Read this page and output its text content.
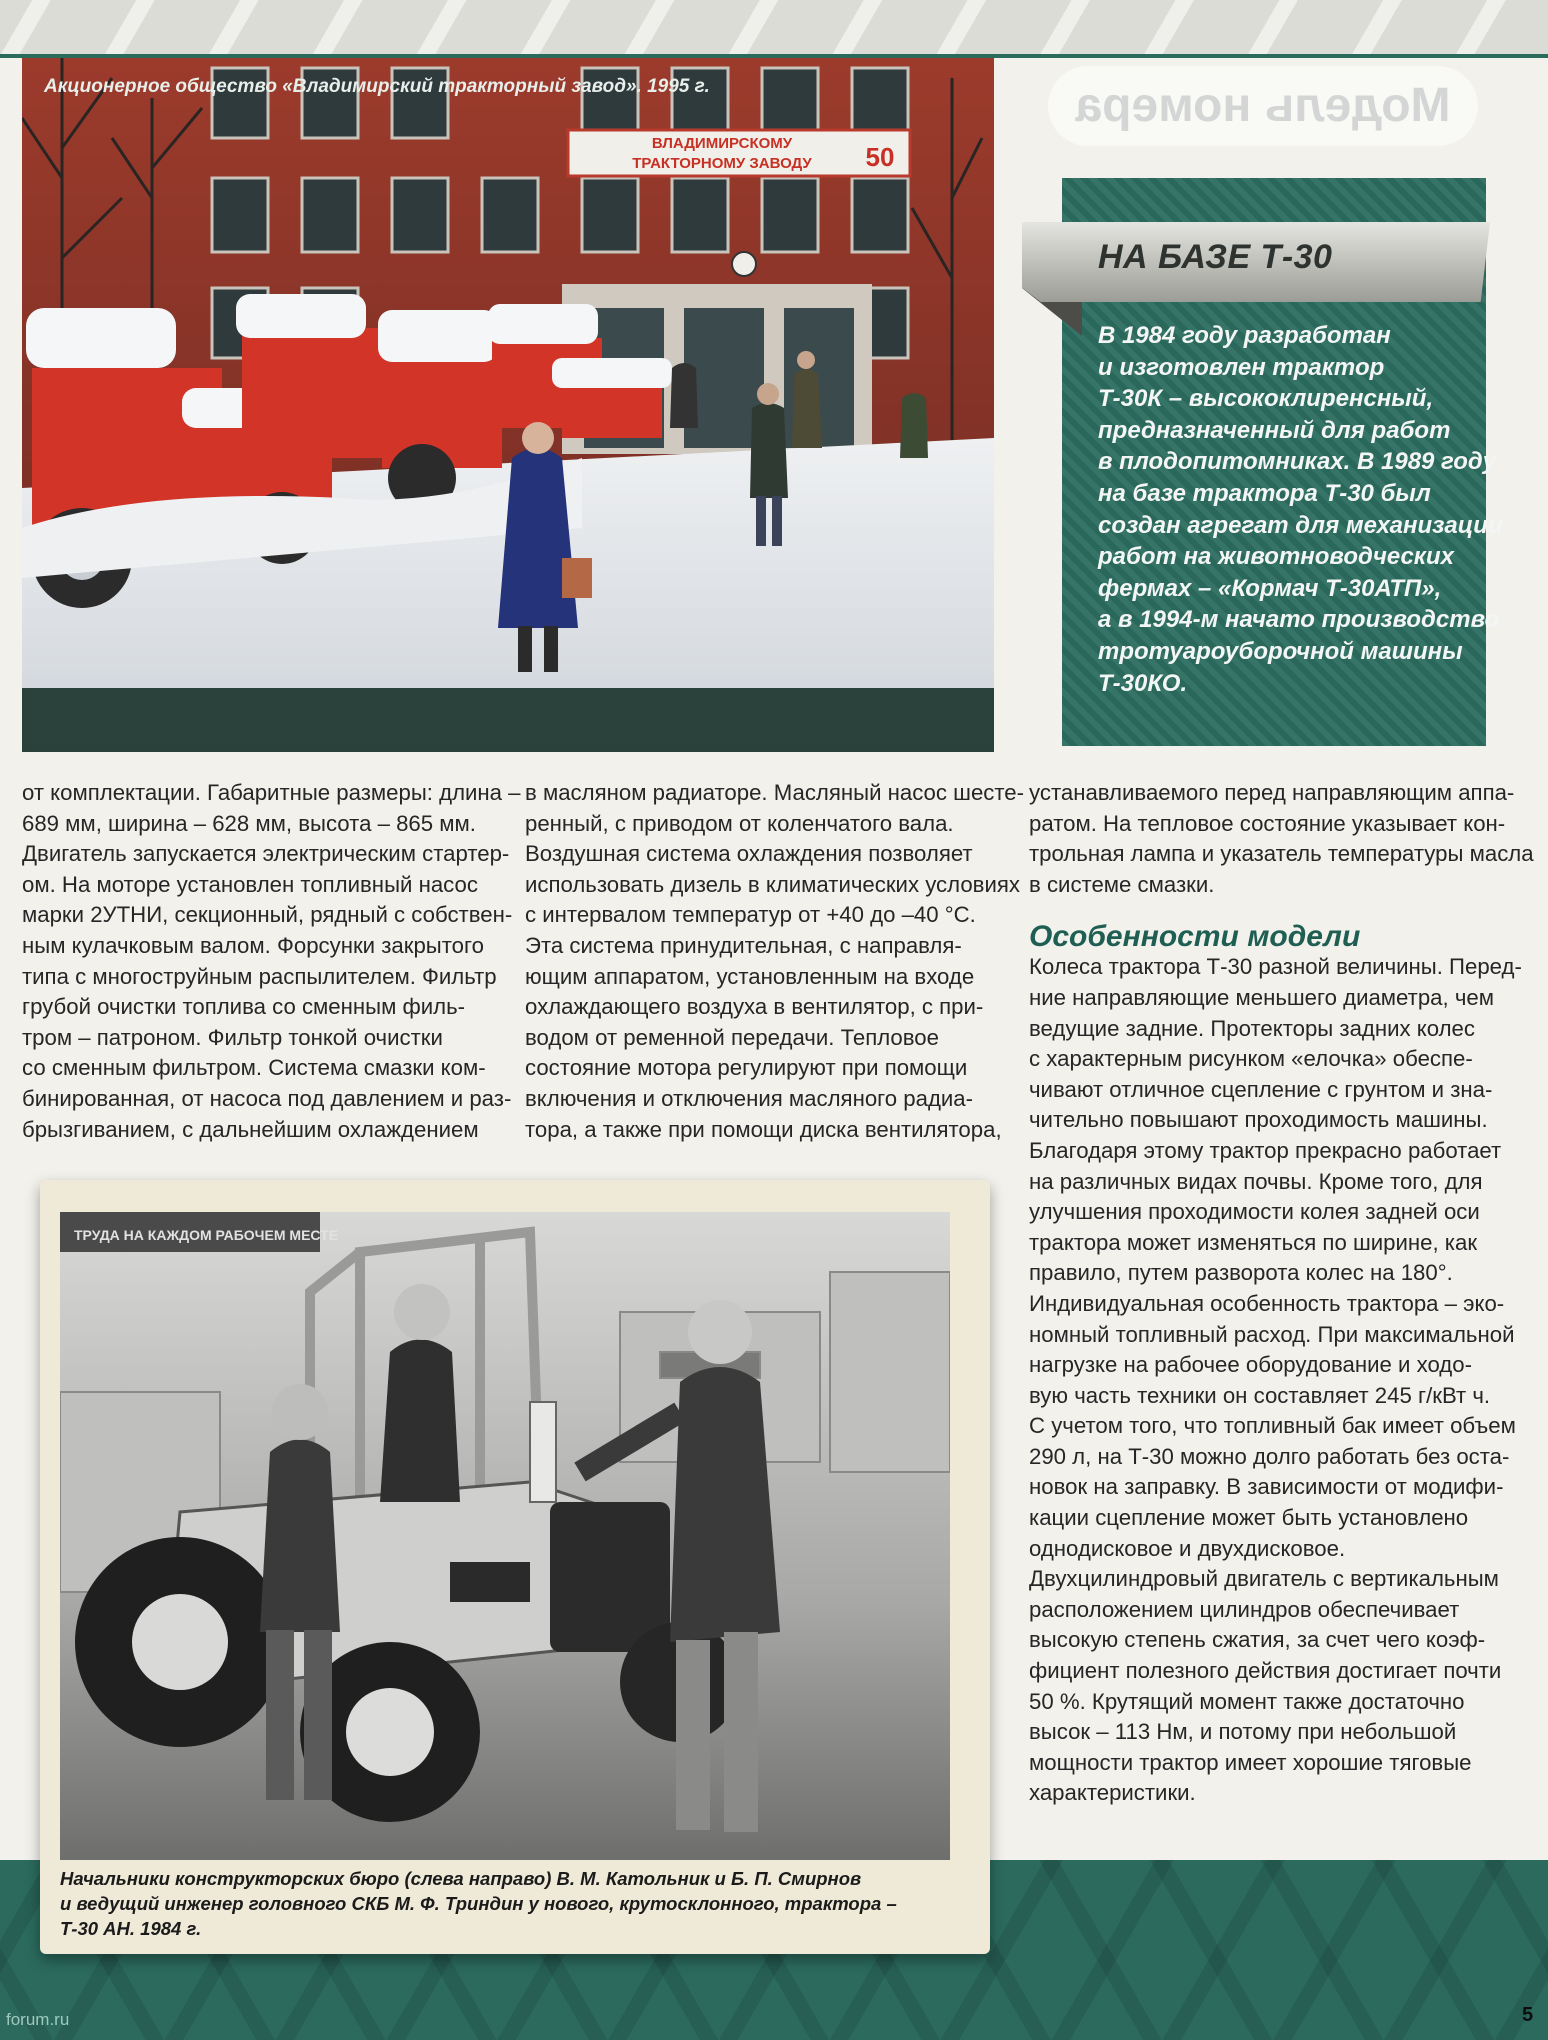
Модель номера
ВЛАДИМИРСКОМУ
ТРАКТОРНОМУ ЗАВОДУ 50
Акционерное общество «Владимирский тракторный завод». 1995 г.
НА БАЗЕ Т-30
В 1984 году разработан
и изготовлен трактор
Т-30К – высококлиренсный,
предназначенный для работ
в плодопитомниках. В 1989 году
на базе трактора Т-30 был
создан агрегат для механизации
работ на животноводческих
фермах – «Кормач Т-30АТП»,
а в 1994-м начато производство
тротуароуборочной машины
Т-30КО.
от комплектации. Габаритные размеры: длина –
689 мм, ширина – 628 мм, высота – 865 мм.
Двигатель запускается электрическим стартер-
ом. На моторе установлен топливный насос
марки 2УТНИ, секционный, рядный с собствен-
ным кулачковым валом. Форсунки закрытого
типа с многоструйным распылителем. Фильтр
грубой очистки топлива со сменным филь-
тром – патроном. Фильтр тонкой очистки
со сменным фильтром. Система смазки ком-
бинированная, от насоса под давлением и раз-
брызгиванием, с дальнейшим охлаждением
в масляном радиаторе. Масляный насос шесте-
ренный, с приводом от коленчатого вала.
Воздушная система охлаждения позволяет
использовать дизель в климатических условиях
с интервалом температур от +40 до –40 °С.
Эта система принудительная, с направля-
ющим аппаратом, установленным на входе
охлаждающего воздуха в вентилятор, с при-
водом от ременной передачи. Тепловое
состояние мотора регулируют при помощи
включения и отключения масляного радиа-
тора, а также при помощи диска вентилятора,
устанавливаемого перед направляющим аппа-
ратом. На тепловое состояние указывает кон-
трольная лампа и указатель температуры масла
в системе смазки.
Особенности модели
Колеса трактора Т-30 разной величины. Перед-
ние направляющие меньшего диаметра, чем
ведущие задние. Протекторы задних колес
с характерным рисунком «елочка» обеспе-
чивают отличное сцепление с грунтом и зна-
чительно повышают проходимость машины.
Благодаря этому трактор прекрасно работает
на различных видах почвы. Кроме того, для
улучшения проходимости колея задней оси
трактора может изменяться по ширине, как
правило, путем разворота колес на 180°.
Индивидуальная особенность трактора – эко-
номный топливный расход. При максимальной
нагрузке на рабочее оборудование и ходо-
вую часть техники он составляет 245 г/кВт ч.
С учетом того, что топливный бак имеет объем
290 л, на Т-30 можно долго работать без оста-
новок на заправку. В зависимости от модифи-
кации сцепление может быть установлено
однодисковое и двухдисковое.
Двухцилиндровый двигатель с вертикальным
расположением цилиндров обеспечивает
высокую степень сжатия, за счет чего коэф-
фициент полезного действия достигает почти
50 %. Крутящий момент также достаточно
высок – 113 Нм, и потому при небольшой
мощности трактор имеет хорошие тяговые
характеристики.
ТРУДА НА КАЖДОМ РАБОЧЕМ МЕСТЕ
Начальники конструкторских бюро (слева направо) В. М. Катольник и Б. П. Смирнов
и ведущий инженер головного СКБ М. Ф. Триндин у нового, крутосклонного, трактора –
Т-30 АН. 1984 г.
forum.ru	5
